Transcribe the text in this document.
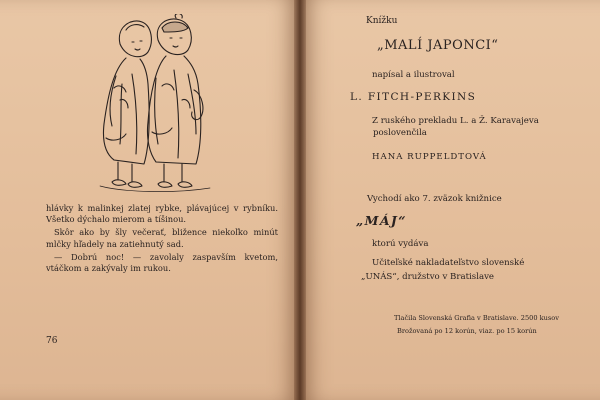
hlávky k malinkej zlatej rybke, plávajúcej v rybníku. Všetko dýchalo mierom a tíšinou.

Skôr ako by šly večerať, bližence niekoľko minút mlčky hľadely na zatiehnutý sad.

— Dobrú noc! — zavolaly zaspavším kvetom, vtáčkom a zakývaly im rukou.

76
Knížku
„MALÍ JAPONCI“
napísal a ilustroval
L. FITCH-PERKINS
Z ruského prekladu L. a Ž. Karavajeva
poslovenčila
HANA RUPPELDTOVÁ
Vychodí ako 7. zväzok knižnice
„MÁJ“
ktorú vydáva
Učiteľské nakladateľstvo slovenské
„UNÁS“, družstvo v Bratislave
Tlačila Slovenská Grafia v Bratislave. 2500 kusov
Brožovaná po 12 korún, viaz. po 15 korún
